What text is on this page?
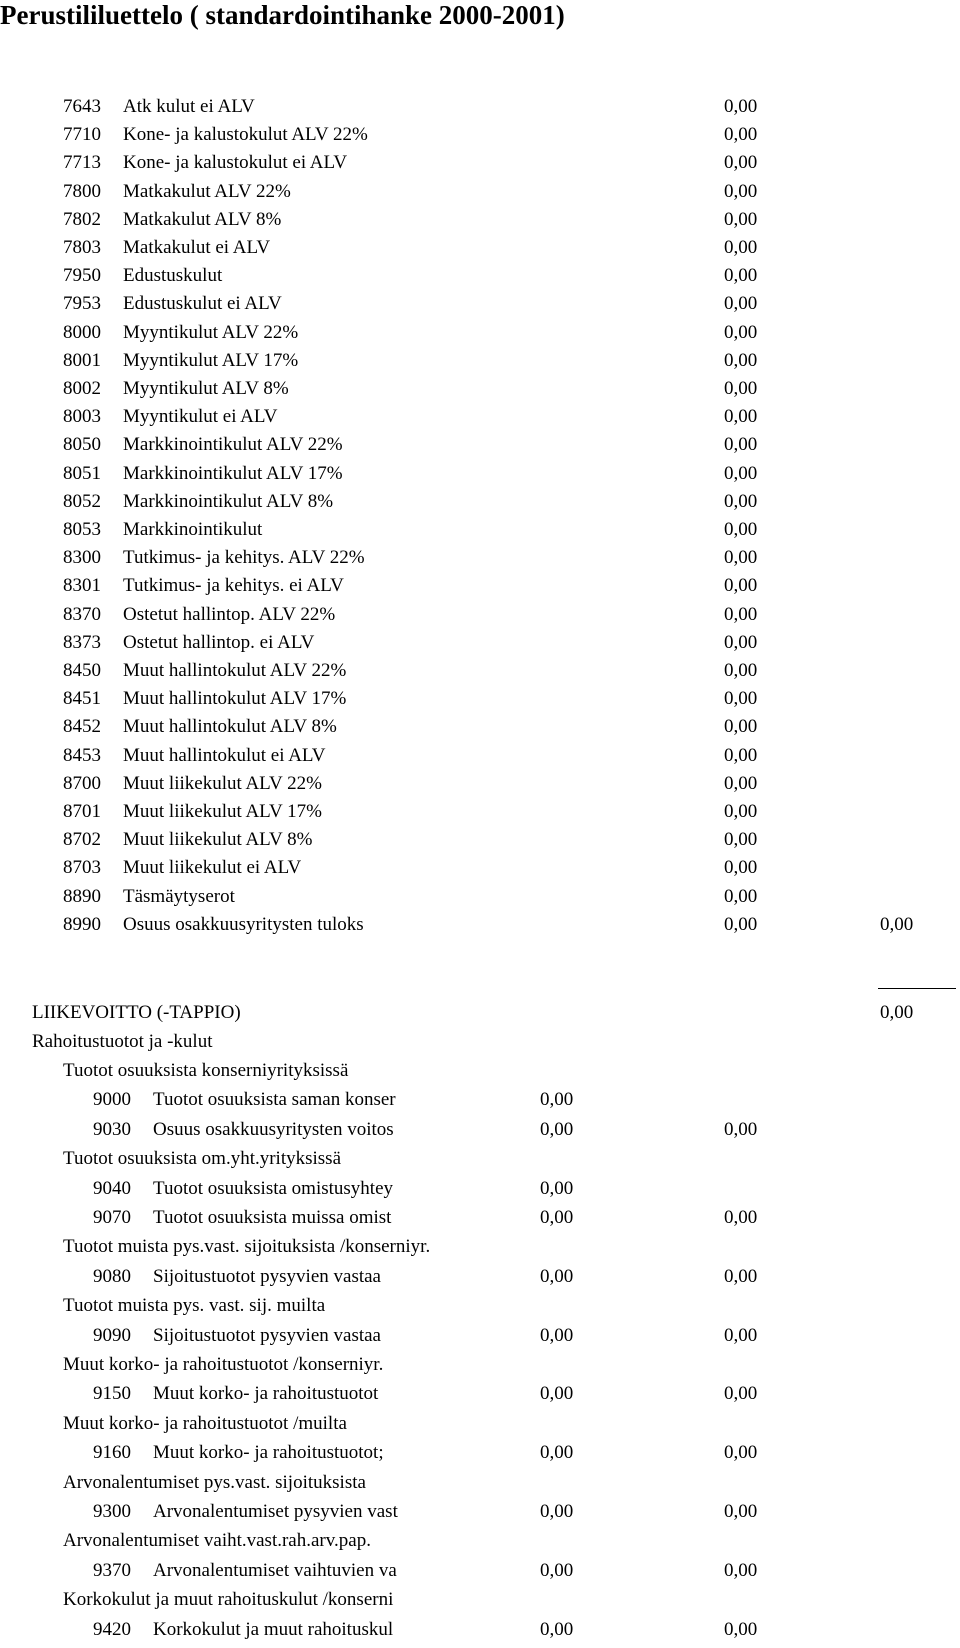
Perustililuettelo ( standardointihanke 2000-2001)
7643 Atk kulut ei ALV	0,00
7710 Kone- ja kalustokulut ALV 22%	0,00
7713 Kone- ja kalustokulut ei ALV	0,00
7800 Matkakulut ALV 22%	0,00
7802 Matkakulut ALV 8%	0,00
7803 Matkakulut ei ALV	0,00
7950 Edustuskulut	0,00
7953 Edustuskulut ei ALV	0,00
8000 Myyntikulut ALV 22%	0,00
8001 Myyntikulut ALV 17%	0,00
8002 Myyntikulut ALV 8%	0,00
8003 Myyntikulut ei ALV	0,00
8050 Markkinointikulut ALV 22%	0,00
8051 Markkinointikulut ALV 17%	0,00
8052 Markkinointikulut ALV 8%	0,00
8053 Markkinointikulut	0,00
8300 Tutkimus- ja kehitys. ALV 22%	0,00
8301 Tutkimus- ja kehitys. ei ALV	0,00
8370 Ostetut hallintop. ALV 22%	0,00
8373 Ostetut hallintop. ei ALV	0,00
8450 Muut hallintokulut ALV 22%	0,00
8451 Muut hallintokulut ALV 17%	0,00
8452 Muut hallintokulut ALV 8%	0,00
8453 Muut hallintokulut ei ALV	0,00
8700 Muut liikekulut ALV 22%	0,00
8701 Muut liikekulut ALV 17%	0,00
8702 Muut liikekulut ALV 8%	0,00
8703 Muut liikekulut ei ALV	0,00
8890 Täsmäytyserot	0,00
8990 Osuus osakkuusyritysten tuloks	0,00	0,00
LIIKEVOITTO (-TAPPIO)	0,00
Rahoitustuotot ja -kulut
Tuotot osuuksista konserniyrityksissä
9000 Tuotot osuuksista saman konser	0,00
9030 Osuus osakkuusyritysten voitos	0,00	0,00
Tuotot osuuksista om.yht.yrityksissä
9040 Tuotot osuuksista omistusyhtey	0,00
9070 Tuotot osuuksista muissa omist	0,00	0,00
Tuotot muista pys.vast. sijoituksista /konserniyr.
9080 Sijoitustuotot pysyvien vastaa	0,00	0,00
Tuotot muista pys. vast. sij. muilta
9090 Sijoitustuotot pysyvien vastaa	0,00	0,00
Muut korko- ja rahoitustuotot /konserniyr.
9150 Muut korko- ja rahoitustuotot	0,00	0,00
Muut korko- ja rahoitustuotot /muilta
9160 Muut korko- ja rahoitustuotot;	0,00	0,00
Arvonalentumiset pys.vast. sijoituksista
9300 Arvonalentumiset pysyvien vast	0,00	0,00
Arvonalentumiset vaiht.vast.rah.arv.pap.
9370 Arvonalentumiset vaihtuvien va	0,00	0,00
Korkokulut ja muut rahoituskulut /konserni
9420 Korkokulut ja muut rahoituskul	0,00	0,00
